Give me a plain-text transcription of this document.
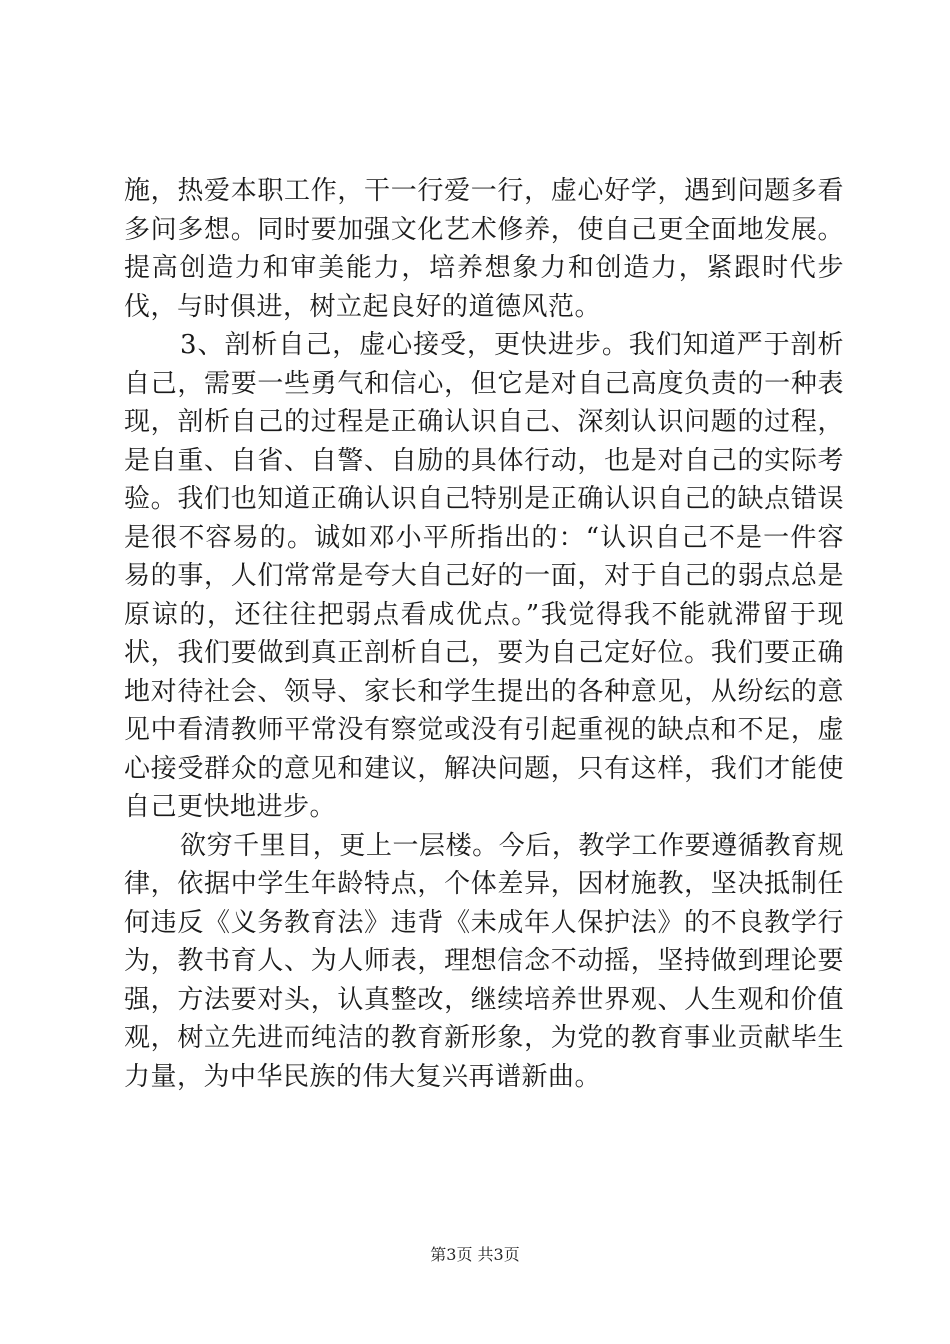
施，热爱本职工作，干一行爱一行，虚心好学，遇到问题多看多问多想。同时要加强文化艺术修养，使自己更全面地发展。提高创造力和审美能力，培养想象力和创造力，紧跟时代步伐，与时俱进，树立起良好的道德风范。

3、剖析自己，虚心接受，更快进步。我们知道严于剖析自己，需要一些勇气和信心，但它是对自己高度负责的一种表现，剖析自己的过程是正确认识自己、深刻认识问题的过程，是自重、自省、自警、自励的具体行动，也是对自己的实际考验。我们也知道正确认识自己特别是正确认识自己的缺点错误是很不容易的。诚如邓小平所指出的：“认识自己不是一件容易的事，人们常常是夸大自己好的一面，对于自己的弱点总是原谅的，还往往把弱点看成优点。”我觉得我不能就滞留于现状，我们要做到真正剖析自己，要为自己定好位。我们要正确地对待社会、领导、家长和学生提出的各种意见，从纷纭的意见中看清教师平常没有察觉或没有引起重视的缺点和不足，虚心接受群众的意见和建议，解决问题，只有这样，我们才能使自己更快地进步。

欲穷千里目，更上一层楼。今后，教学工作要遵循教育规律，依据中学生年龄特点，个体差异，因材施教，坚决抵制任何违反《义务教育法》违背《未成年人保护法》的不良教学行为，教书育人、为人师表，理想信念不动摇，坚持做到理论要强，方法要对头，认真整改，继续培养世界观、人生观和价值观，树立先进而纯洁的教育新形象，为党的教育事业贡献毕生力量，为中华民族的伟大复兴再谱新曲。

第3页 共3页
